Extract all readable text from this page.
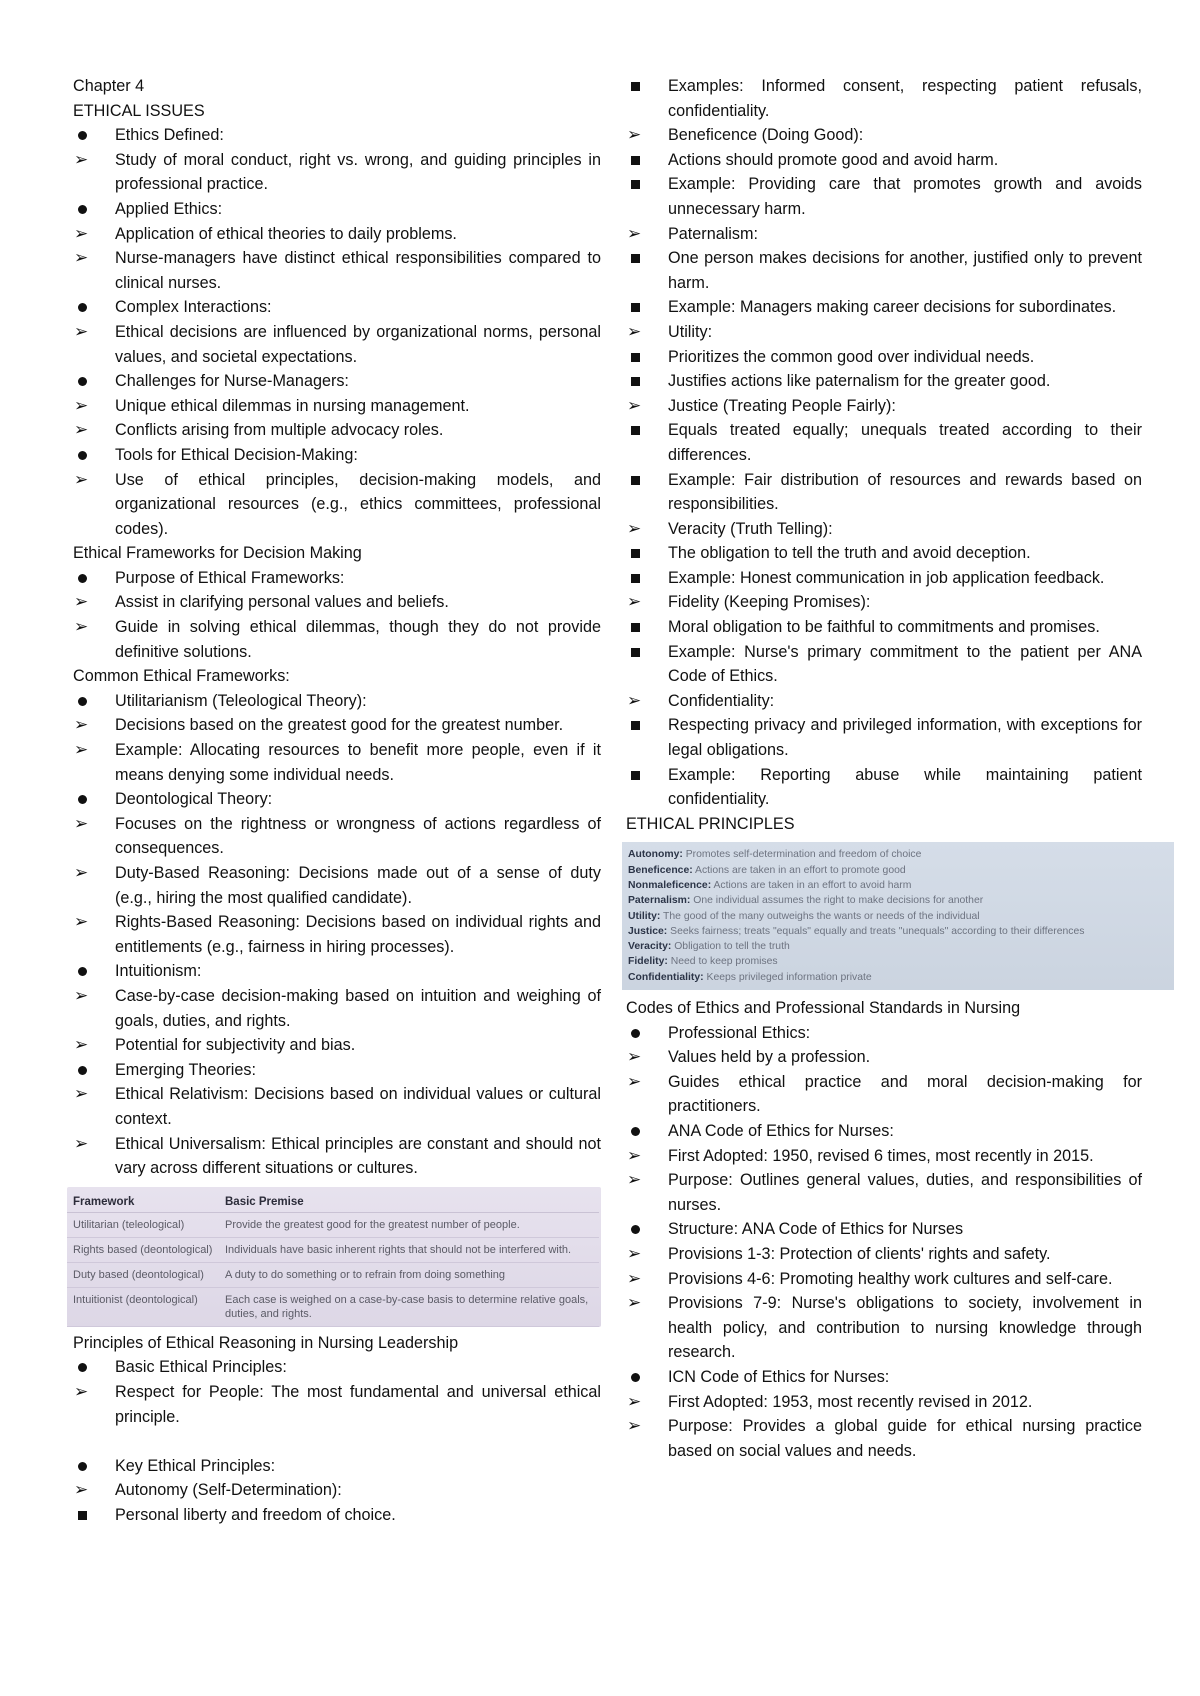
Chapter 4
ETHICAL ISSUES
Ethics Defined:
➢	Study of moral conduct, right vs. wrong, and guiding principles in professional practice.
Applied Ethics:
➢	Application of ethical theories to daily problems.
➢	Nurse-managers have distinct ethical responsibilities compared to clinical nurses.
Complex Interactions:
➢	Ethical decisions are influenced by organizational norms, personal values, and societal expectations.
Challenges for Nurse-Managers:
➢	Unique ethical dilemmas in nursing management.
➢	Conflicts arising from multiple advocacy roles.
Tools for Ethical Decision-Making:
➢	Use of ethical principles, decision-making models, and organizational resources (e.g., ethics committees, professional codes).
Ethical Frameworks for Decision Making
Purpose of Ethical Frameworks:
➢	Assist in clarifying personal values and beliefs.
➢	Guide in solving ethical dilemmas, though they do not provide definitive solutions.
Common Ethical Frameworks:
Utilitarianism (Teleological Theory):
➢	Decisions based on the greatest good for the greatest number.
➢	Example: Allocating resources to benefit more people, even if it means denying some individual needs.
Deontological Theory:
➢	Focuses on the rightness or wrongness of actions regardless of consequences.
➢	Duty-Based Reasoning: Decisions made out of a sense of duty (e.g., hiring the most qualified candidate).
➢	Rights-Based Reasoning: Decisions based on individual rights and entitlements (e.g., fairness in hiring processes).
Intuitionism:
➢	Case-by-case decision-making based on intuition and weighing of goals, duties, and rights.
➢	Potential for subjectivity and bias.
Emerging Theories:
➢	Ethical Relativism: Decisions based on individual values or cultural context.
➢	Ethical Universalism: Ethical principles are constant and should not vary across different situations or cultures.
Framework	Basic Premise
Utilitarian (teleological)	Provide the greatest good for the greatest number of people.
Rights based (deontological)	Individuals have basic inherent rights that should not be interfered with.
Duty based (deontological)	A duty to do something or to refrain from doing something
Intuitionist (deontological)	Each case is weighed on a case-by-case basis to determine relative goals, duties, and rights.
Principles of Ethical Reasoning in Nursing Leadership
Basic Ethical Principles:
➢	Respect for People: The most fundamental and universal ethical principle.
Key Ethical Principles:
➢	Autonomy (Self-Determination):
Personal liberty and freedom of choice.
Examples: Informed consent, respecting patient refusals, confidentiality.
➢	Beneficence (Doing Good):
Actions should promote good and avoid harm.
Example: Providing care that promotes growth and avoids unnecessary harm.
➢	Paternalism:
One person makes decisions for another, justified only to prevent harm.
Example: Managers making career decisions for subordinates.
➢	Utility:
Prioritizes the common good over individual needs.
Justifies actions like paternalism for the greater good.
➢	Justice (Treating People Fairly):
Equals treated equally; unequals treated according to their differences.
Example: Fair distribution of resources and rewards based on responsibilities.
➢	Veracity (Truth Telling):
The obligation to tell the truth and avoid deception.
Example: Honest communication in job application feedback.
➢	Fidelity (Keeping Promises):
Moral obligation to be faithful to commitments and promises.
Example: Nurse's primary commitment to the patient per ANA Code of Ethics.
➢	Confidentiality:
Respecting privacy and privileged information, with exceptions for legal obligations.
Example: Reporting abuse while maintaining patient confidentiality.
ETHICAL PRINCIPLES
Autonomy: Promotes self-determination and freedom of choice
Beneficence: Actions are taken in an effort to promote good
Nonmaleficence: Actions are taken in an effort to avoid harm
Paternalism: One individual assumes the right to make decisions for another
Utility: The good of the many outweighs the wants or needs of the individual
Justice: Seeks fairness; treats "equals" equally and treats "unequals" according to their differences
Veracity: Obligation to tell the truth
Fidelity: Need to keep promises
Confidentiality: Keeps privileged information private
Codes of Ethics and Professional Standards in Nursing
Professional Ethics:
➢	Values held by a profession.
➢	Guides ethical practice and moral decision-making for practitioners.
ANA Code of Ethics for Nurses:
➢	First Adopted: 1950, revised 6 times, most recently in 2015.
➢	Purpose: Outlines general values, duties, and responsibilities of nurses.
Structure: ANA Code of Ethics for Nurses
➢	Provisions 1-3: Protection of clients' rights and safety.
➢	Provisions 4-6: Promoting healthy work cultures and self-care.
➢	Provisions 7-9: Nurse's obligations to society, involvement in health policy, and contribution to nursing knowledge through research.
ICN Code of Ethics for Nurses:
➢	First Adopted: 1953, most recently revised in 2012.
➢	Purpose: Provides a global guide for ethical nursing practice based on social values and needs.
